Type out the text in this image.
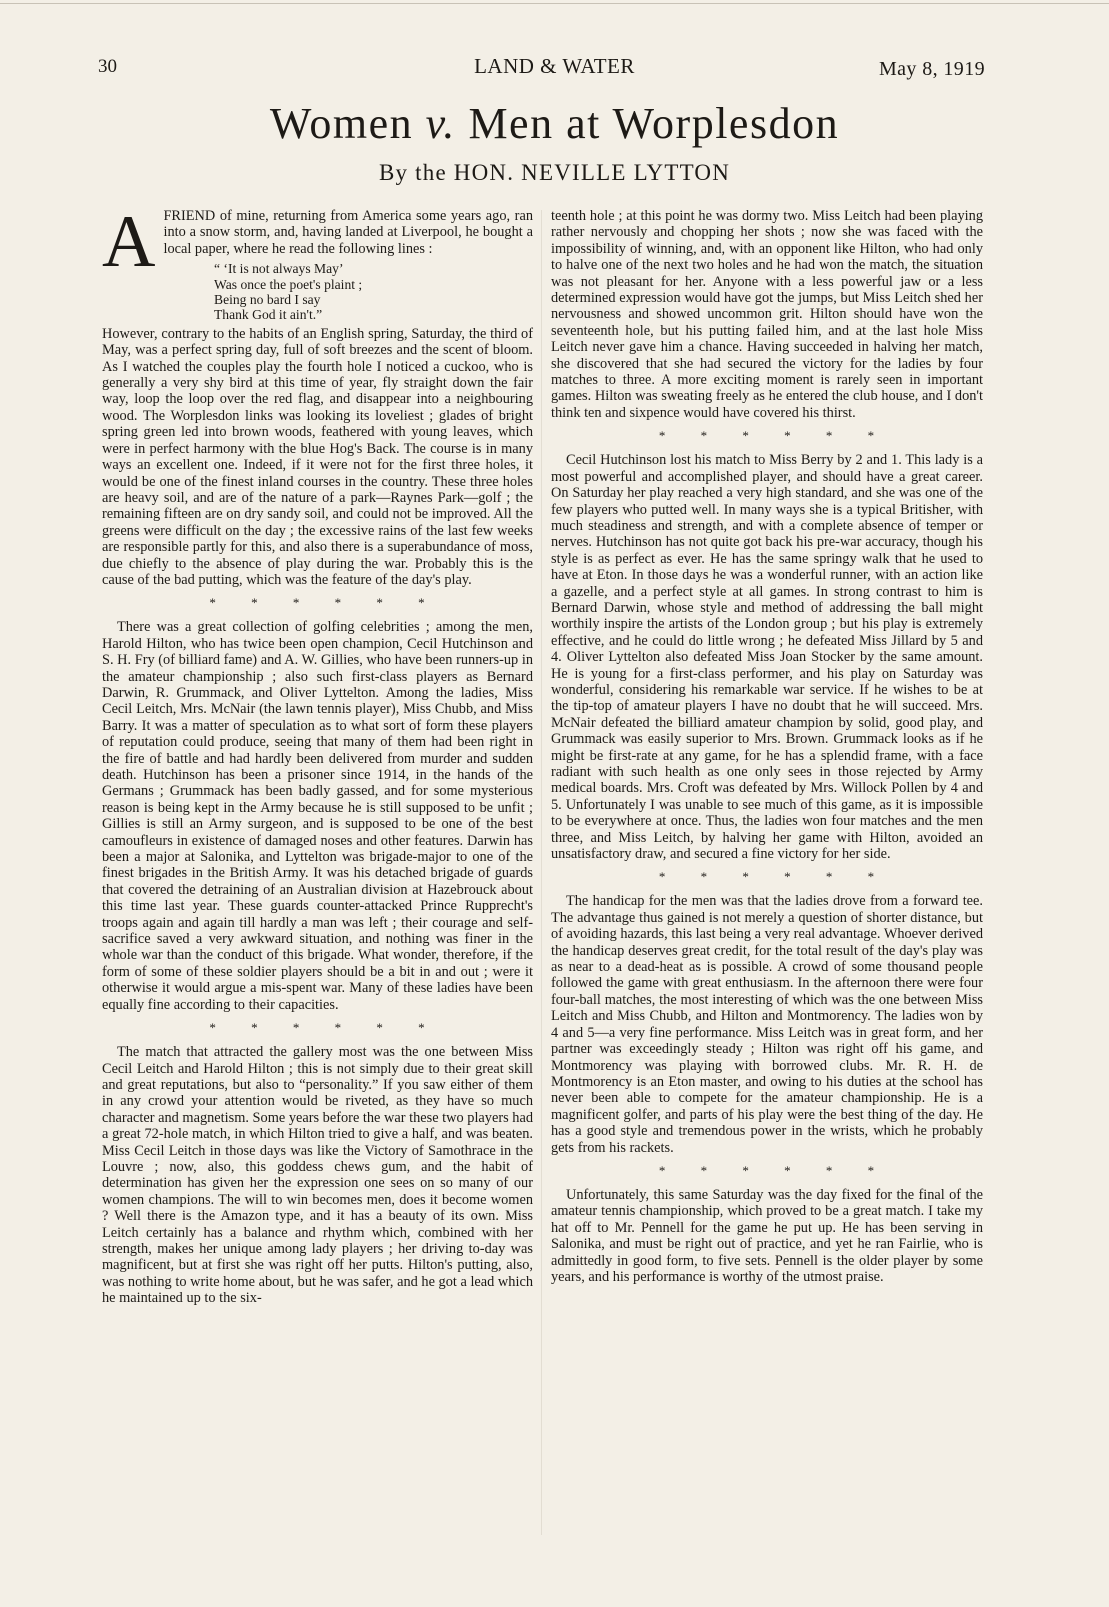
30	LAND & WATER	May 8, 1919
Women v. Men at Worplesdon
By the HON. NEVILLE LYTTON

AFRIEND of mine, returning from America some years ago, ran into a snow storm, and, having landed at Liverpool, he bought a local paper, where he read the following lines :

“ ‘It is not always May’
Was once the poet's plaint ;
Being no bard I say
Thank God it ain't.”

However, contrary to the habits of an English spring, Saturday, the third of May, was a perfect spring day, full of soft breezes and the scent of bloom. As I watched the couples play the fourth hole I noticed a cuckoo, who is generally a very shy bird at this time of year, fly straight down the fair way, loop the loop over the red flag, and disappear into a neighbouring wood. The Worplesdon links was looking its loveliest ; glades of bright spring green led into brown woods, feathered with young leaves, which were in perfect harmony with the blue Hog's Back. The course is in many ways an excellent one. Indeed, if it were not for the first three holes, it would be one of the finest inland courses in the country. These three holes are heavy soil, and are of the nature of a park—Raynes Park—golf ; the remaining fifteen are on dry sandy soil, and could not be improved. All the greens were difficult on the day ; the excessive rains of the last few weeks are responsible partly for this, and also there is a superabundance of moss, due chiefly to the absence of play during the war. Probably this is the cause of the bad putting, which was the feature of the day's play.

* * * * * *

There was a great collection of golfing celebrities ; among the men, Harold Hilton, who has twice been open champion, Cecil Hutchinson and S. H. Fry (of billiard fame) and A. W. Gillies, who have been runners-up in the amateur championship ; also such first-class players as Bernard Darwin, R. Grummack, and Oliver Lyttelton. Among the ladies, Miss Cecil Leitch, Mrs. McNair (the lawn tennis player), Miss Chubb, and Miss Barry. It was a matter of speculation as to what sort of form these players of reputation could produce, seeing that many of them had been right in the fire of battle and had hardly been delivered from murder and sudden death. Hutchinson has been a prisoner since 1914, in the hands of the Germans ; Grummack has been badly gassed, and for some mysterious reason is being kept in the Army because he is still supposed to be unfit ; Gillies is still an Army surgeon, and is supposed to be one of the best camoufleurs in existence of damaged noses and other features. Darwin has been a major at Salonika, and Lyttelton was brigade-major to one of the finest brigades in the British Army. It was his detached brigade of guards that covered the detraining of an Australian division at Hazebrouck about this time last year. These guards counter-attacked Prince Rupprecht's troops again and again till hardly a man was left ; their courage and self-sacrifice saved a very awkward situation, and nothing was finer in the whole war than the conduct of this brigade. What wonder, therefore, if the form of some of these soldier players should be a bit in and out ; were it otherwise it would argue a mis-spent war. Many of these ladies have been equally fine according to their capacities.

* * * * * *

The match that attracted the gallery most was the one between Miss Cecil Leitch and Harold Hilton ; this is not simply due to their great skill and great reputations, but also to “personality.” If you saw either of them in any crowd your attention would be riveted, as they have so much character and magnetism. Some years before the war these two players had a great 72-hole match, in which Hilton tried to give a half, and was beaten. Miss Cecil Leitch in those days was like the Victory of Samothrace in the Louvre ; now, also, this goddess chews gum, and the habit of determination has given her the expression one sees on so many of our women champions. The will to win becomes men, does it become women ? Well there is the Amazon type, and it has a beauty of its own. Miss Leitch certainly has a balance and rhythm which, combined with her strength, makes her unique among lady players ; her driving to-day was magnificent, but at first she was right off her putts. Hilton's putting, also, was nothing to write home about, but he was safer, and he got a lead which he maintained up to the six-

teenth hole ; at this point he was dormy two. Miss Leitch had been playing rather nervously and chopping her shots ; now she was faced with the impossibility of winning, and, with an opponent like Hilton, who had only to halve one of the next two holes and he had won the match, the situation was not pleasant for her. Anyone with a less powerful jaw or a less determined expression would have got the jumps, but Miss Leitch shed her nervousness and showed uncommon grit. Hilton should have won the seventeenth hole, but his putting failed him, and at the last hole Miss Leitch never gave him a chance. Having succeeded in halving her match, she discovered that she had secured the victory for the ladies by four matches to three. A more exciting moment is rarely seen in important games. Hilton was sweating freely as he entered the club house, and I don't think ten and sixpence would have covered his thirst.

* * * * * *

Cecil Hutchinson lost his match to Miss Berry by 2 and 1. This lady is a most powerful and accomplished player, and should have a great career. On Saturday her play reached a very high standard, and she was one of the few players who putted well. In many ways she is a typical Britisher, with much steadiness and strength, and with a complete absence of temper or nerves. Hutchinson has not quite got back his pre-war accuracy, though his style is as perfect as ever. He has the same springy walk that he used to have at Eton. In those days he was a wonderful runner, with an action like a gazelle, and a perfect style at all games. In strong contrast to him is Bernard Darwin, whose style and method of addressing the ball might worthily inspire the artists of the London group ; but his play is extremely effective, and he could do little wrong ; he defeated Miss Jillard by 5 and 4. Oliver Lyttelton also defeated Miss Joan Stocker by the same amount. He is young for a first-class performer, and his play on Saturday was wonderful, considering his remarkable war service. If he wishes to be at the tip-top of amateur players I have no doubt that he will succeed. Mrs. McNair defeated the billiard amateur champion by solid, good play, and Grummack was easily superior to Mrs. Brown. Grummack looks as if he might be first-rate at any game, for he has a splendid frame, with a face radiant with such health as one only sees in those rejected by Army medical boards. Mrs. Croft was defeated by Mrs. Willock Pollen by 4 and 5. Unfortunately I was unable to see much of this game, as it is impossible to be everywhere at once. Thus, the ladies won four matches and the men three, and Miss Leitch, by halving her game with Hilton, avoided an unsatisfactory draw, and secured a fine victory for her side.

* * * * * *

The handicap for the men was that the ladies drove from a forward tee. The advantage thus gained is not merely a question of shorter distance, but of avoiding hazards, this last being a very real advantage. Whoever derived the handicap deserves great credit, for the total result of the day's play was as near to a dead-heat as is possible. A crowd of some thousand people followed the game with great enthusiasm. In the afternoon there were four four-ball matches, the most interesting of which was the one between Miss Leitch and Miss Chubb, and Hilton and Montmorency. The ladies won by 4 and 5—a very fine performance. Miss Leitch was in great form, and her partner was exceedingly steady ; Hilton was right off his game, and Montmorency was playing with borrowed clubs. Mr. R. H. de Montmorency is an Eton master, and owing to his duties at the school has never been able to compete for the amateur championship. He is a magnificent golfer, and parts of his play were the best thing of the day. He has a good style and tremendous power in the wrists, which he probably gets from his rackets.

* * * * * *

Unfortunately, this same Saturday was the day fixed for the final of the amateur tennis championship, which proved to be a great match. I take my hat off to Mr. Pennell for the game he put up. He has been serving in Salonika, and must be right out of practice, and yet he ran Fairlie, who is admittedly in good form, to five sets. Pennell is the older player by some years, and his performance is worthy of the utmost praise.
